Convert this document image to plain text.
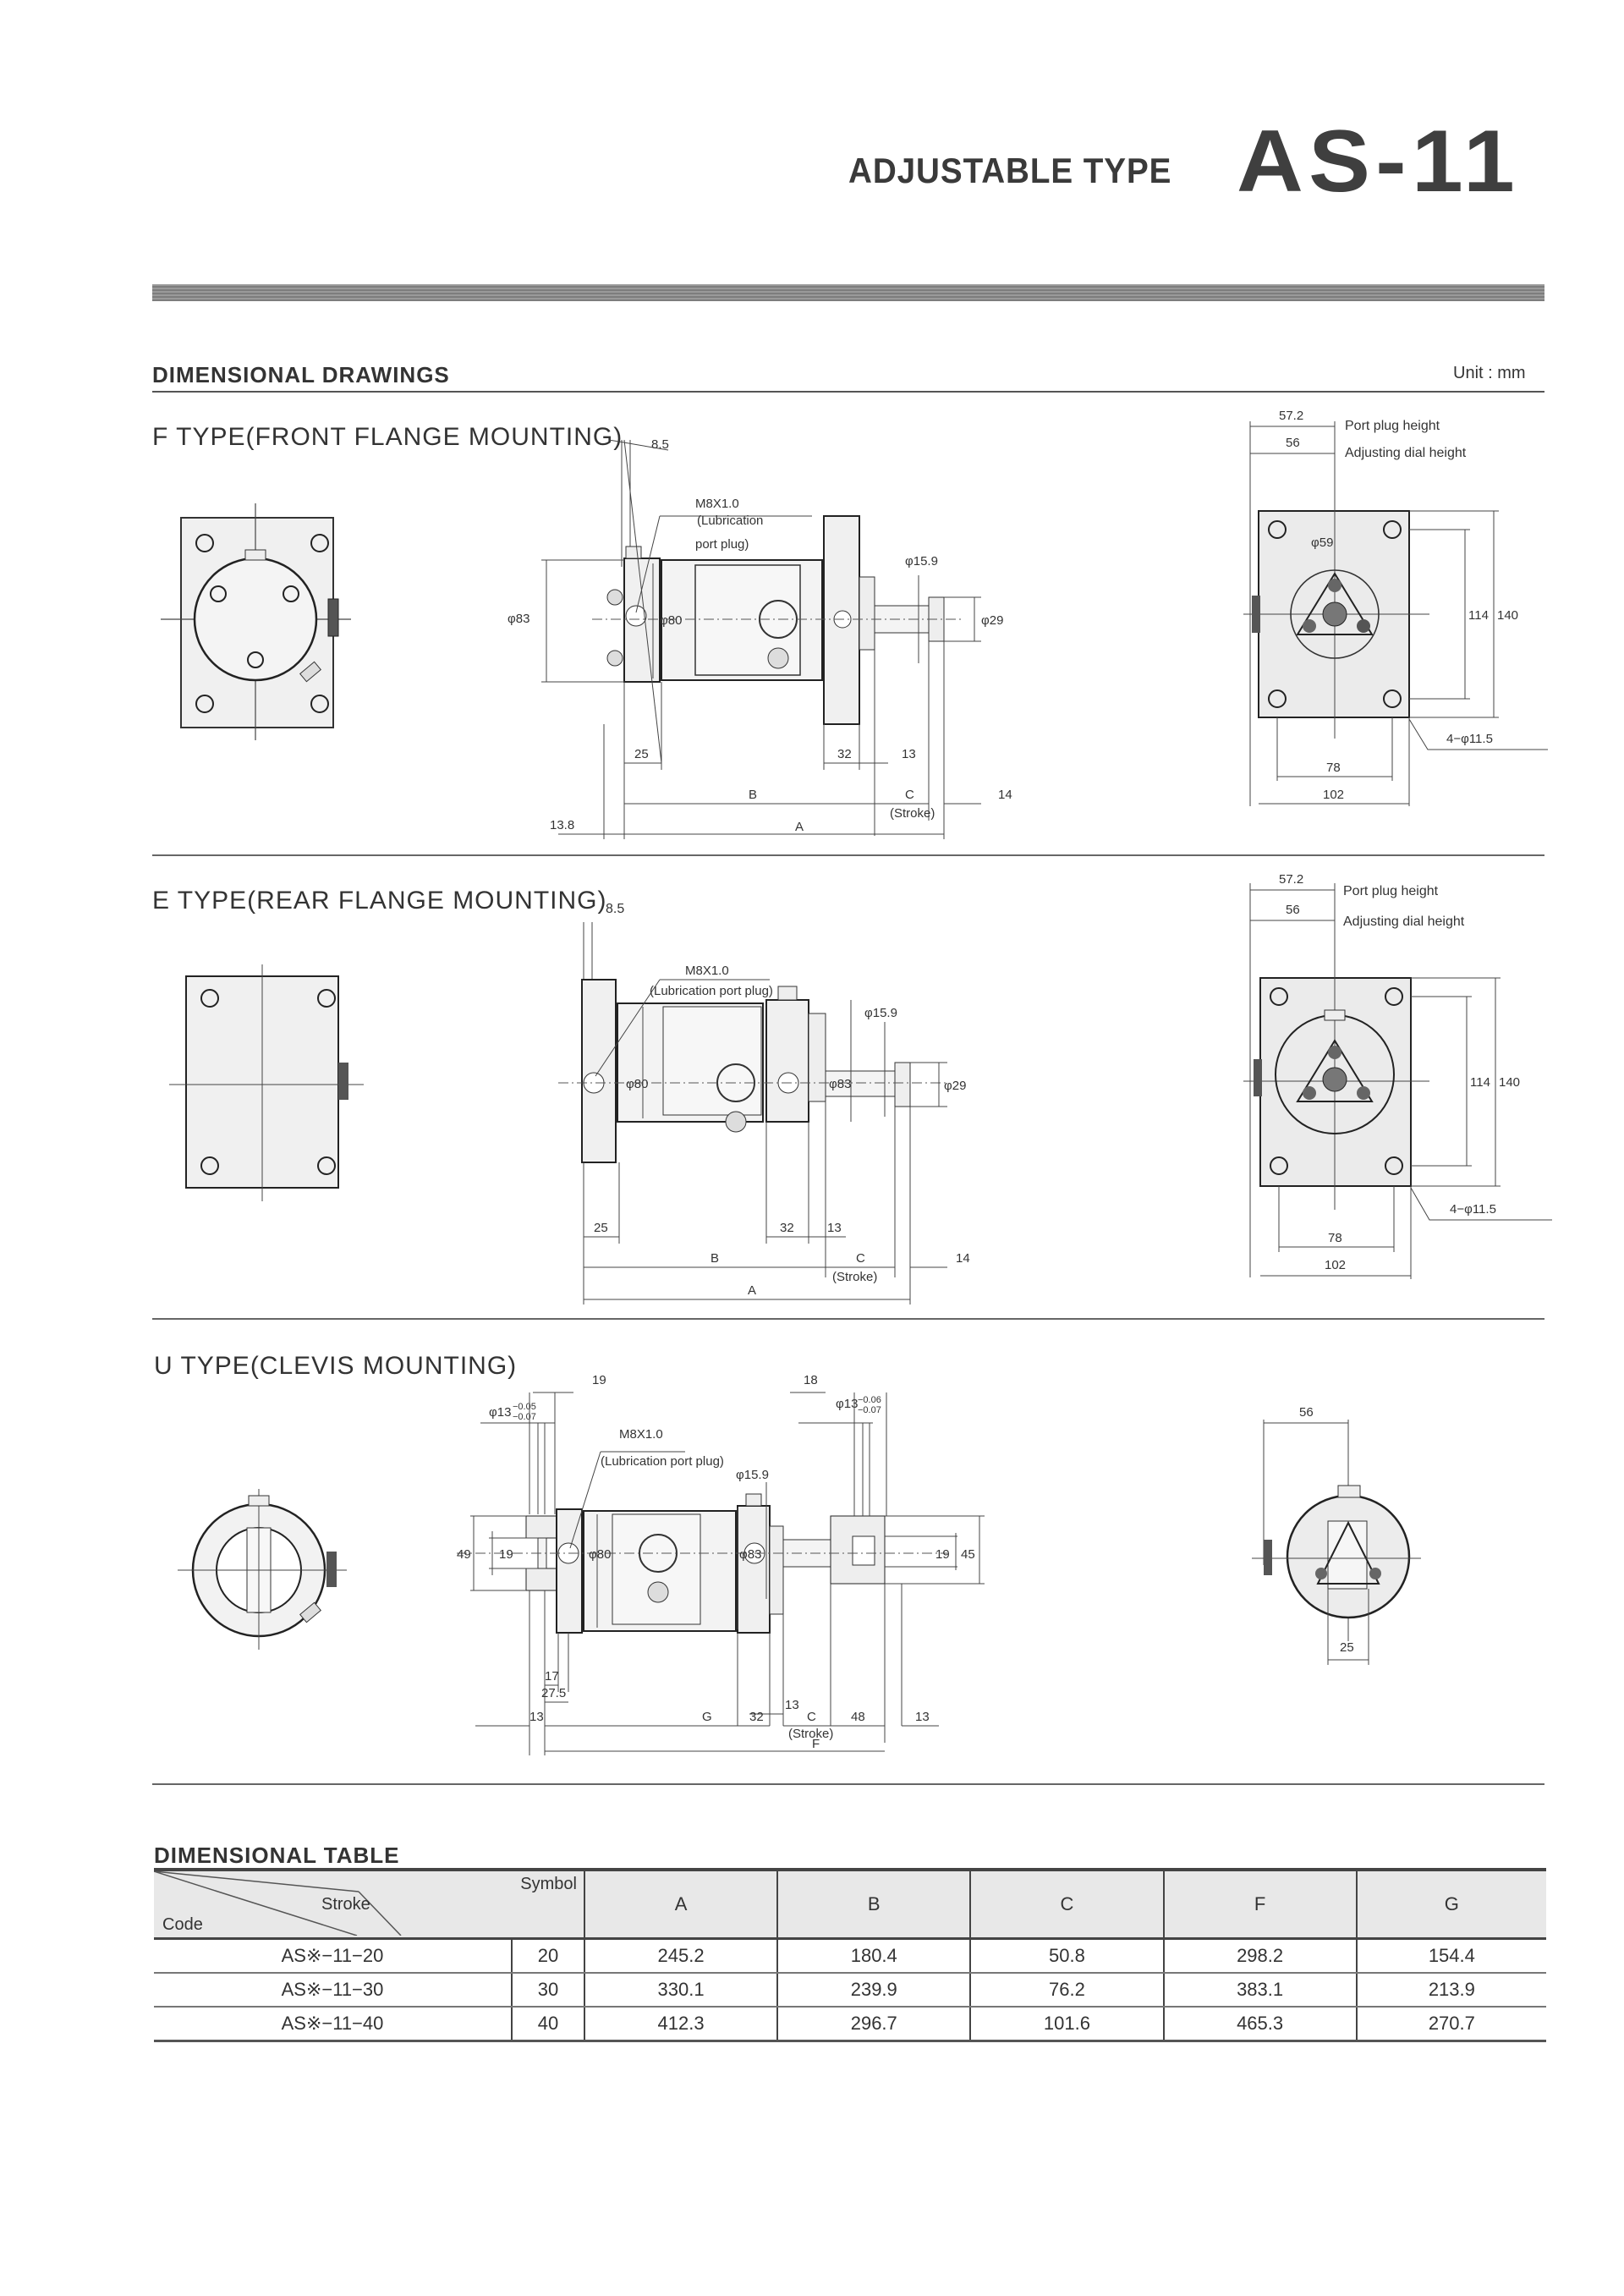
ADJUSTABLE TYPE AS-11
DIMENSIONAL DRAWINGS	Unit : mm
F TYPE(FRONT FLANGE MOUNTING) 8.5
M8X1.0
(Lubrication
port plug)
φ83	φ80
φ15.9
φ29
25	32	13
B	C
(Stroke)
14
13.8	A
57.2
56
Port plug height
Adjusting dial height
φ59
114 140
4−φ11.5
78
102
E TYPE(REAR FLANGE MOUNTING)
8.5
M8X1.0
(Lubrication port plug)
φ80	φ83
φ15.9
φ29
25	32	13
B	C
(Stroke)
14
A
57.2
56
Port plug height
Adjusting dial height
114 140
4−φ11.5
78
102
U TYPE(CLEVIS MOUNTING)
19
φ13 −0.05
−0.07
18
φ13 −0.06
−0.07
M8X1.0
(Lubrication port plug)
φ15.9
φ80	φ83
49 19	19 45
17
27.5
13	G	32
13
C
(Stroke)
48	13
F
56
25
DIMENSIONAL TABLE
Symbol
Stroke
Code		A	B	C	F	G
AS※−11−20	20	245.2	180.4	50.8	298.2	154.4
AS※−11−30	30	330.1	239.9	76.2	383.1	213.9
AS※−11−40	40	412.3	296.7	101.6	465.3	270.7
